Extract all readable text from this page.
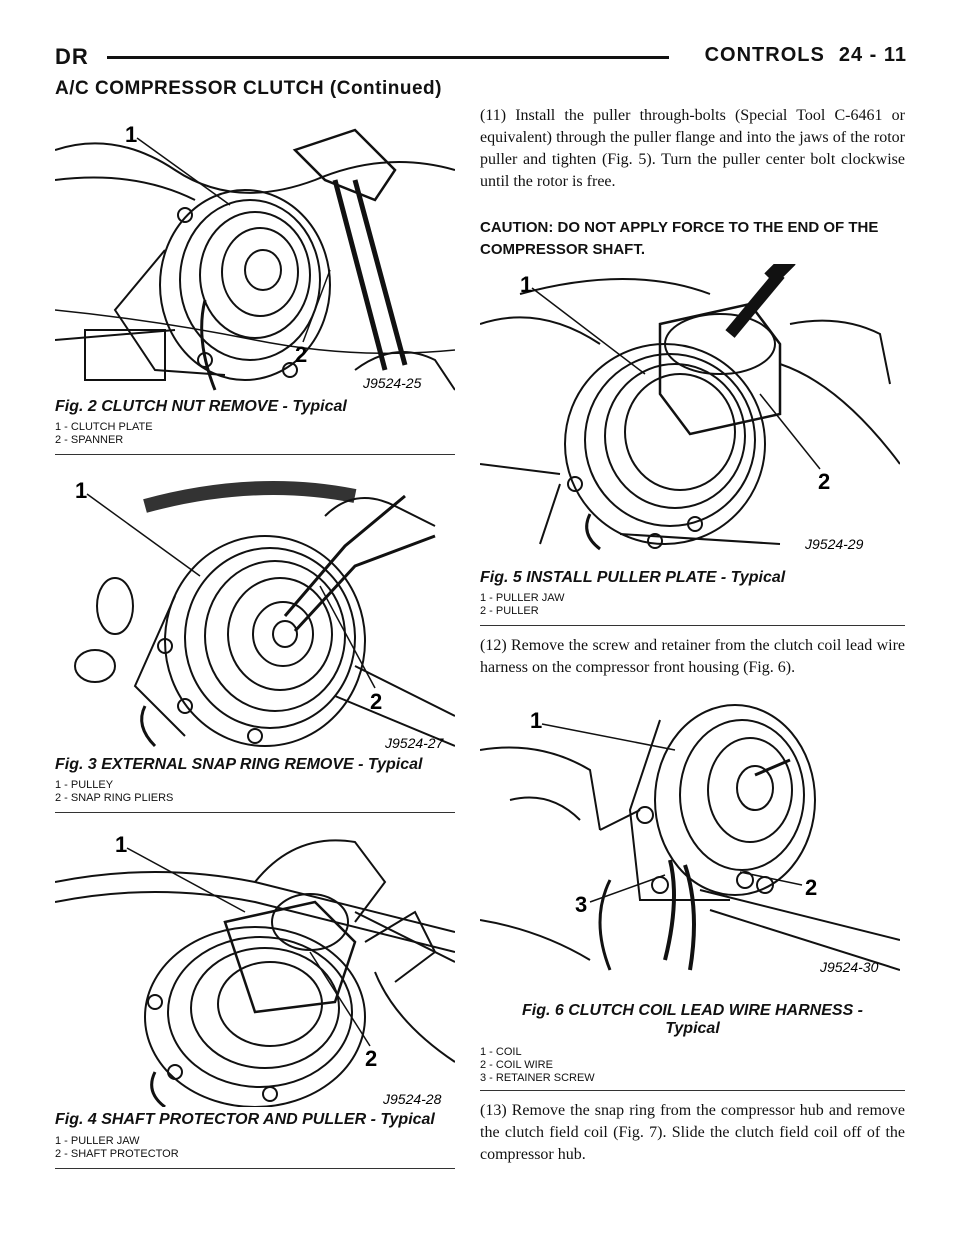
DR	CONTROLS 24 - 11
A/C COMPRESSOR CLUTCH (Continued)
1
2
J9524-25
Fig. 2 CLUTCH NUT REMOVE - Typical
1 - CLUTCH PLATE
2 - SPANNER
1
2
J9524-27
Fig. 3 EXTERNAL SNAP RING REMOVE - Typical
1 - PULLEY
2 - SNAP RING PLIERS
1
2
J9524-28
Fig. 4 SHAFT PROTECTOR AND PULLER - Typical
1 - PULLER JAW
2 - SHAFT PROTECTOR
(11) Install the puller through-bolts (Special Tool C-6461 or equivalent) through the puller flange and into the jaws of the rotor puller and tighten (Fig. 5). Turn the puller center bolt clockwise until the rotor is free.
CAUTION: DO NOT APPLY FORCE TO THE END OF THE COMPRESSOR SHAFT.
1
2
J9524-29
Fig. 5 INSTALL PULLER PLATE - Typical
1 - PULLER JAW
2 - PULLER
(12) Remove the screw and retainer from the clutch coil lead wire harness on the compressor front housing (Fig. 6).
1
2
3
J9524-30
Fig. 6 CLUTCH COIL LEAD WIRE HARNESS -
Typical
1 - COIL
2 - COIL WIRE
3 - RETAINER SCREW
(13) Remove the snap ring from the compressor hub and remove the clutch field coil (Fig. 7). Slide the clutch field coil off of the compressor hub.
